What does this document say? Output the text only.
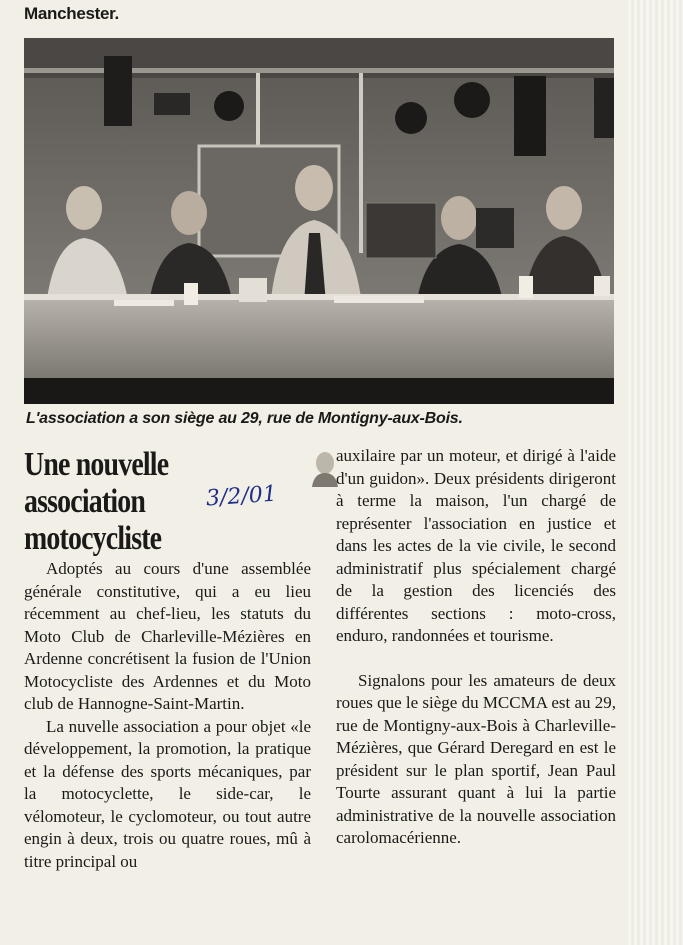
Manchester.
L'association a son siège au 29, rue de Montigny-aux-Bois.
Une nouvelle
association
motocycliste
3/2/01

Adoptés au cours d'une assemblée générale constitutive, qui a eu lieu récemment au chef-lieu, les statuts du Moto Club de Charleville-Mézières en Ardenne concrétisent la fusion de l'Union Motocycliste des Ardennes et du Moto club de Hannogne-Saint-Martin.

La nuvelle association a pour objet «le développement, la promotion, la pratique et la défense des sports mécaniques, par la motocyclette, le side-car, le vélomoteur, le cyclomoteur, ou tout autre engin à deux, trois ou quatre roues, mû à titre principal ou

auxilaire par un moteur, et dirigé à l'aide d'un guidon». Deux présidents dirigeront à terme la maison, l'un chargé de représenter l'association en justice et dans les actes de la vie civile, le second administratif plus spécialement chargé de la gestion des licenciés des différentes sections : moto-cross, enduro, randonnées et tourisme.

Signalons pour les amateurs de deux roues que le siège du MCCMA est au 29, rue de Montigny-aux-Bois à Charleville-Mézières, que Gérard Deregard en est le président sur le plan sportif, Jean Paul Tourte assurant quant à lui la partie administrative de la nouvelle association carolomacérienne.
